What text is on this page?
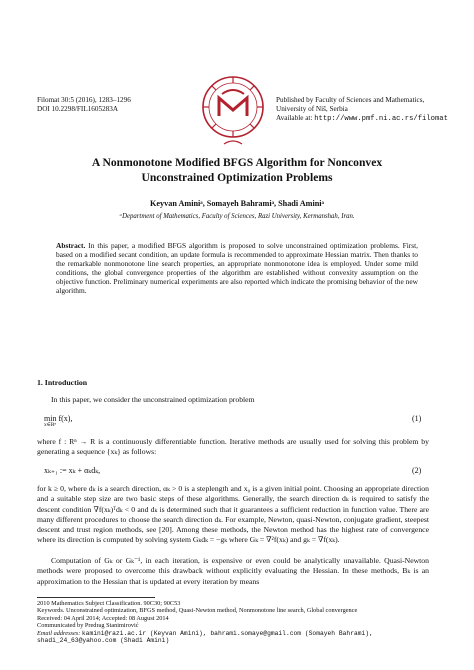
Filomat 30:5 (2016), 1283–1296
DOI 10.2298/FIL1605283A
Published by Faculty of Sciences and Mathematics,
University of Niš, Serbia
Available at: http://www.pmf.ni.ac.rs/filomat
A Nonmonotone Modified BFGS Algorithm for Nonconvex
Unconstrained Optimization Problems
Keyvan Aminiᵃ, Somayeh Bahramiᵃ, Shadi Aminiᵃ
ᵃDepartment of Mathematics, Faculty of Sciences, Razi University, Kermanshah, Iran.
Abstract. In this paper, a modified BFGS algorithm is proposed to solve unconstrained optimization problems. First, based on a modified secant condition, an update formula is recommended to approximate Hessian matrix. Then thanks to the remarkable nonmonotone line search properties, an appropriate nonmonotone idea is employed. Under some mild conditions, the global convergence properties of the algorithm are established without convexity assumption on the objective function. Preliminary numerical experiments are also reported which indicate the promising behavior of the new algorithm.
1. Introduction
In this paper, we consider the unconstrained optimization problem
min f(x),
x∈Rⁿ
(1)
where f : Rⁿ → R is a continuously differentiable function. Iterative methods are usually used for solving this problem by generating a sequence {xₖ} as follows:
xₖ₊₁ := xₖ + αₖdₖ,	(2)
for k ≥ 0, where dₖ is a search direction, αₖ > 0 is a steplength and x₀ is a given initial point. Choosing an appropriate direction and a suitable step size are two basic steps of these algorithms. Generally, the search direction dₖ is required to satisfy the descent condition ∇f(xₖ)ᵀdₖ < 0 and dₖ is determined such that it guarantees a sufficient reduction in function value. There are many different procedures to choose the search direction dₖ. For example, Newton, quasi-Newton, conjugate gradient, steepest descent and trust region methods, see [20]. Among these methods, the Newton method has the highest rate of convergence where its direction is computed by solving system Gₖdₖ = −gₖ where Gₖ = ∇²f(xₖ) and gₖ = ∇f(xₖ).
Computation of Gₖ or Gₖ⁻¹, in each iteration, is expensive or even could be analytically unavailable. Quasi-Newton methods were proposed to overcome this drawback without explicitly evaluating the Hessian. In these methods, Bₖ is an approximation to the Hessian that is updated at every iteration by means
2010 Mathematics Subject Classification. 90C30; 90C53
Keywords. Unconstrained optimization, BFGS method, Quasi-Newton method, Nonmonotone line search, Global convergence
Received: 04 April 2014; Accepted: 08 August 2014
Communicated by Predrag Stanimirović
Email addresses: kamini@razi.ac.ir (Keyvan Amini), bahrami.somaye@gmail.com (Somayeh Bahrami),
shadi_24_63@yahoo.com (Shadi Amini)
